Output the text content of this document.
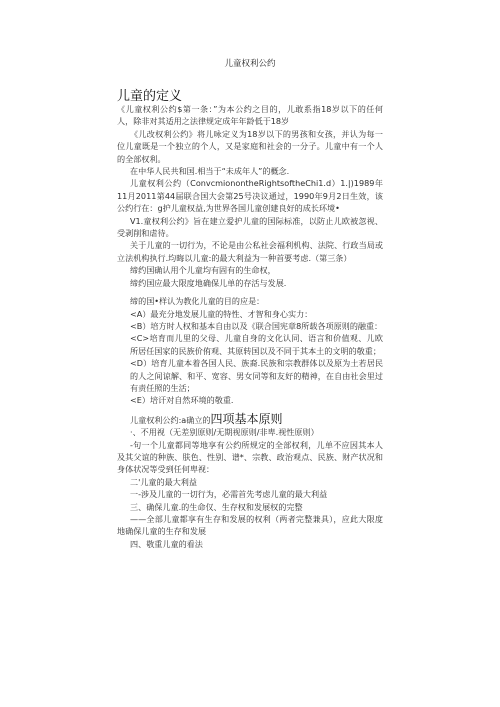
儿童权利公约
儿童的定义

《儿童权利公约$第一条：”为本公约之目的，儿敢系指18岁以下的任何人，除非对其适用之法律规定成年年龄低于18岁

《儿改权利公约》将儿咏定义为18岁以下的男孩和女孩，并认为每一位儿童既是一个独立的个人，又是家庭和社会的一分子。儿童中有一个人的全部权利。

在中华人民共和国.相当于“未成年人”的概念.

儿童权利公约（ConvcmionontheRightsoftheChi1.d）1.|)1989年11月2011第44届联合国大会第25号决议通过，1990年9月2日生效，该公约行在：g护儿童权益,为世界各国儿童创建良好的成长环境•

V1.童权利公约》旨在建立爱护儿童的国际标准，以防止儿欧被忽视、受剥削和虐待。

关于儿童的一切行为，不论是由公私社会福利机构、法院、行政当局或立法机构执行.均晦以儿童:的最大利益为一种首要考虑.（第三条）

缔约国确认用个儿童均有固有的生命权，

缔约国应最大限度地确保儿单的存活与发展.

缔的国•样认为教化儿童的目的应是：

<A）最充分地发展儿童的特性、才智和身心实力：

<B）培方时人权和基本自由以及《联合国宪章8所载各项原则的融重：

<C>培育而儿里的父母、儿童自身的文化认同、语言和价值观、儿欧所居任国家的民族价侑观、其原转国以及不同于其本土的文明的敬重；

<D）培育儿童本着各国人民、族裔.民族和宗教群体以及原为土若居民的人之间谅解、和平、宽容、男女同等和友好的精神，在自由社会里过有责任照的生活；

<E）培讦对自然环境的敬重.

儿童权利公约:a确立的四项基本原则

·、不用视（无差别原则/无期视原则/非卑.视性原则）

-句一个儿童都同等地享有公约所规定的全部权利，儿单不应因其本人及其父谊的种族、肤色、性别、谱*、宗教、政治观点、民族、财产状况和身体状况等受到任何卑视：

二'儿童的最大利益

一-涉及儿童的一切行为，必需首先考虑儿童的最大利益

三、确保儿童.的生命仅、生存权和发展权的完整

——全部儿童都享有生存和发展的权利（两者完整兼具），应此大限度地确保儿童的生存和发展

四、敬重儿童的看法
